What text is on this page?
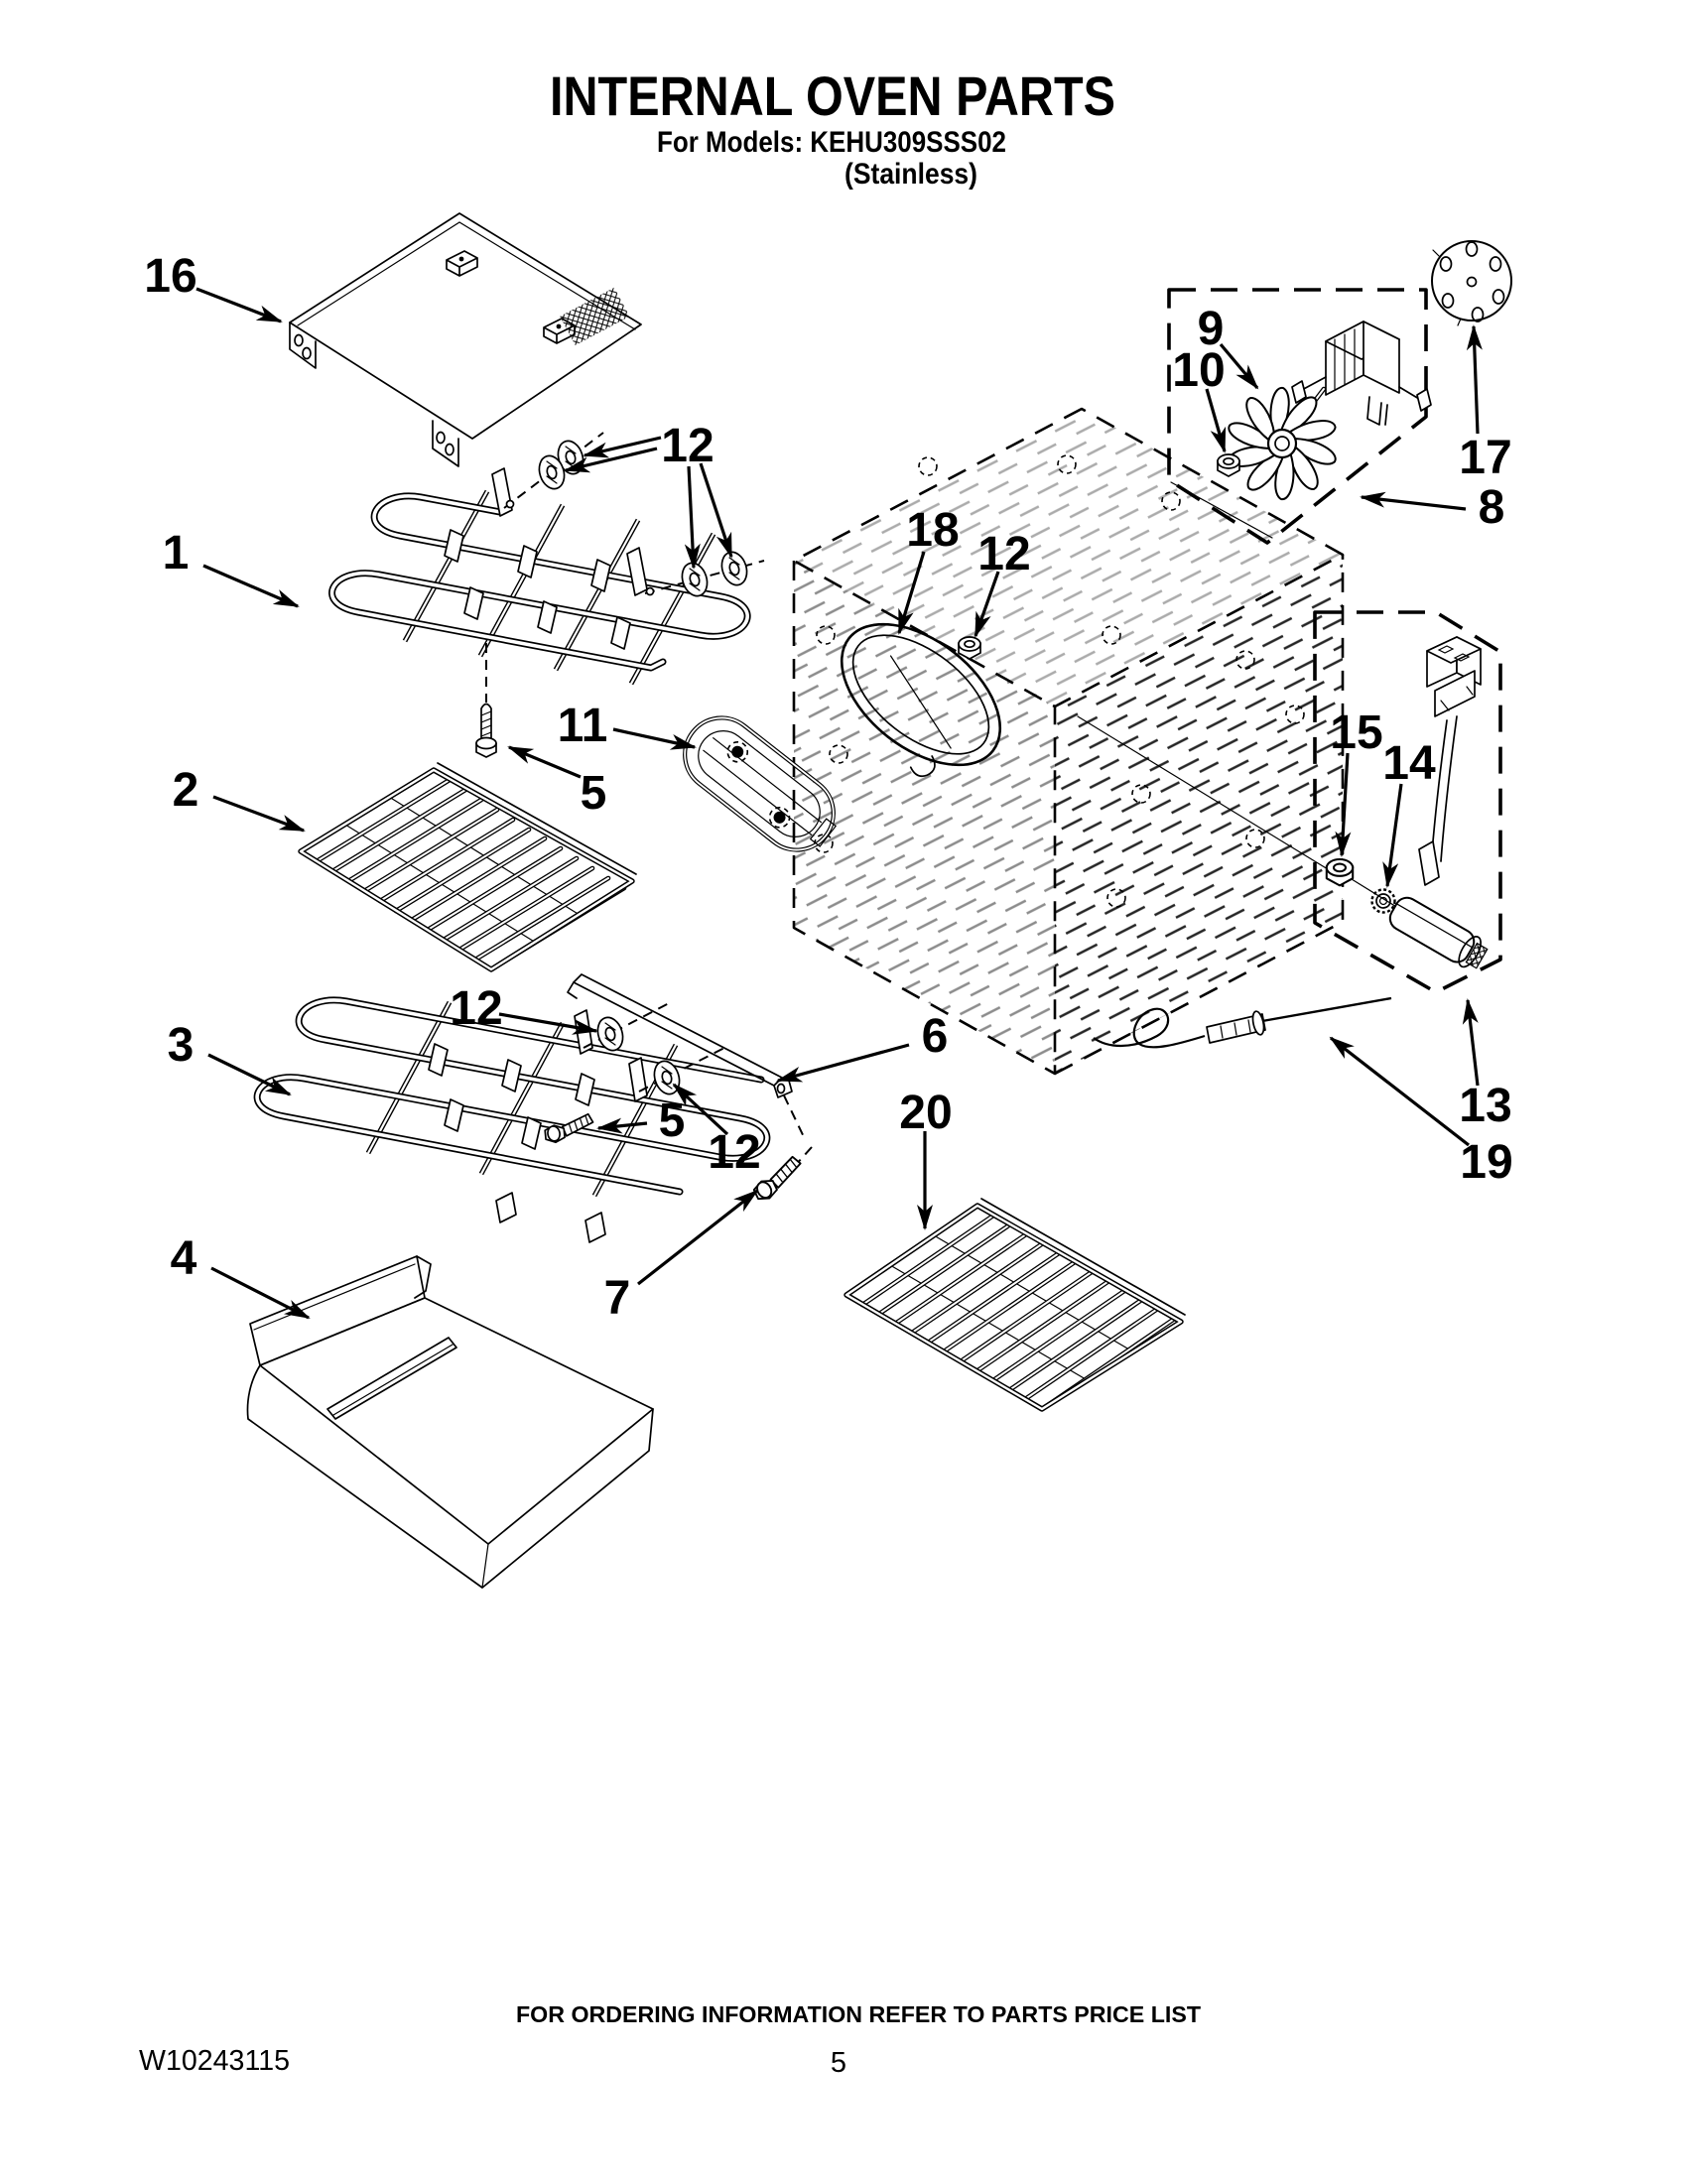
INTERNAL OVEN PARTS
For Models: KEHU309SSS02
(Stainless)
16
1
2
3
4
5
5
6
7
8
9
10
11
12
12
12
12
13
14
15
17
18
19
20
FOR ORDERING INFORMATION REFER TO PARTS PRICE LIST
W10243115	5
